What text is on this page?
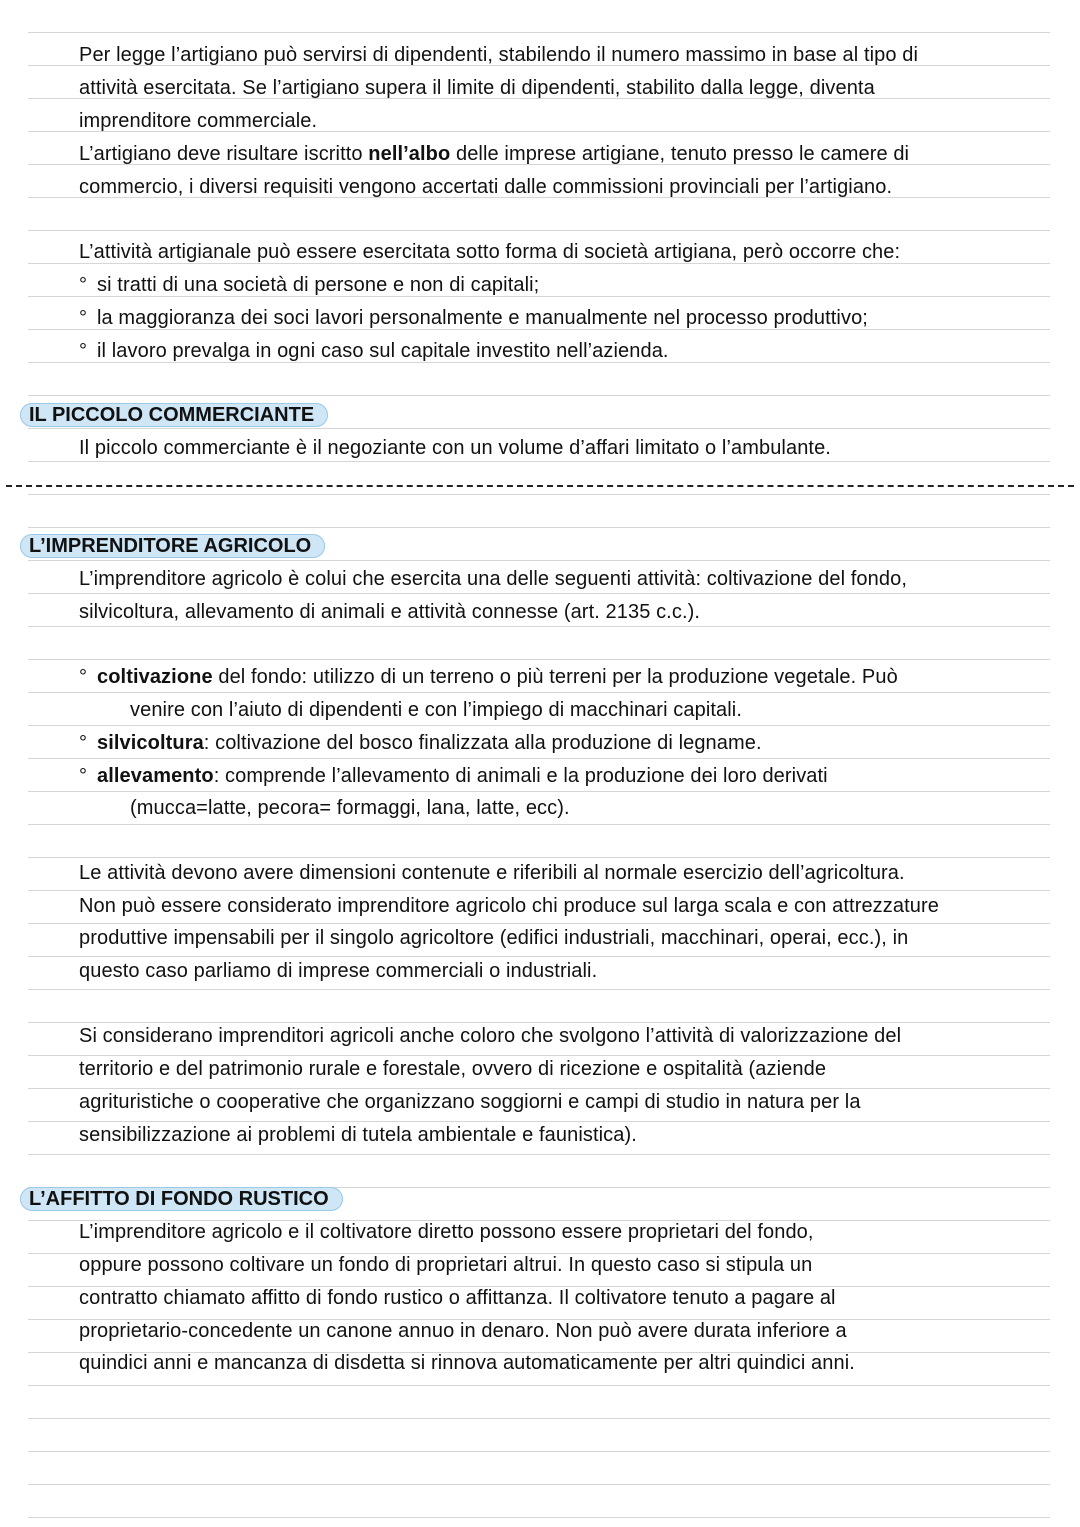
Per legge l’artigiano può servirsi di dipendenti, stabilendo il numero massimo in base al tipo di
attività esercitata. Se l’artigiano supera il limite di dipendenti, stabilito dalla legge, diventa
imprenditore commerciale.
L’artigiano deve risultare iscritto nell’albo delle imprese artigiane, tenuto presso le camere di
commercio, i diversi requisiti vengono accertati dalle commissioni provinciali per l’artigiano.
L’attività artigianale può essere esercitata sotto forma di società artigiana, però occorre che:
° si tratti di una società di persone e non di capitali;
° la maggioranza dei soci lavori personalmente e manualmente nel processo produttivo;
° il lavoro prevalga in ogni caso sul capitale investito nell’azienda.
IL PICCOLO COMMERCIANTE
Il piccolo commerciante è il negoziante con un volume d’affari limitato o l’ambulante.
L’IMPRENDITORE AGRICOLO
L’imprenditore agricolo è colui che esercita una delle seguenti attività: coltivazione del fondo,
silvicoltura, allevamento di animali e attività connesse (art. 2135 c.c.).
° coltivazione del fondo: utilizzo di un terreno o più terreni per la produzione vegetale. Può
venire con l’aiuto di dipendenti e con l’impiego di macchinari capitali.
° silvicoltura: coltivazione del bosco finalizzata alla produzione di legname.
° allevamento: comprende l’allevamento di animali e la produzione dei loro derivati
(mucca=latte, pecora= formaggi, lana, latte, ecc).
Le attività devono avere dimensioni contenute e riferibili al normale esercizio dell’agricoltura.
Non può essere considerato imprenditore agricolo chi produce sul larga scala e con attrezzature
produttive impensabili per il singolo agricoltore (edifici industriali, macchinari, operai, ecc.), in
questo caso parliamo di imprese commerciali o industriali.
Si considerano imprenditori agricoli anche coloro che svolgono l’attività di valorizzazione del
territorio e del patrimonio rurale e forestale, ovvero di ricezione e ospitalità (aziende
agrituristiche o cooperative che organizzano soggiorni e campi di studio in natura per la
sensibilizzazione ai problemi di tutela ambientale e faunistica).
L’AFFITTO DI FONDO RUSTICO
L’imprenditore agricolo e il coltivatore diretto possono essere proprietari del fondo,
oppure possono coltivare un fondo di proprietari altrui. In questo caso si stipula un
contratto chiamato affitto di fondo rustico o affittanza. Il coltivatore tenuto a pagare al
proprietario-concedente un canone annuo in denaro. Non può avere durata inferiore a
quindici anni e mancanza di disdetta si rinnova automaticamente per altri quindici anni.
